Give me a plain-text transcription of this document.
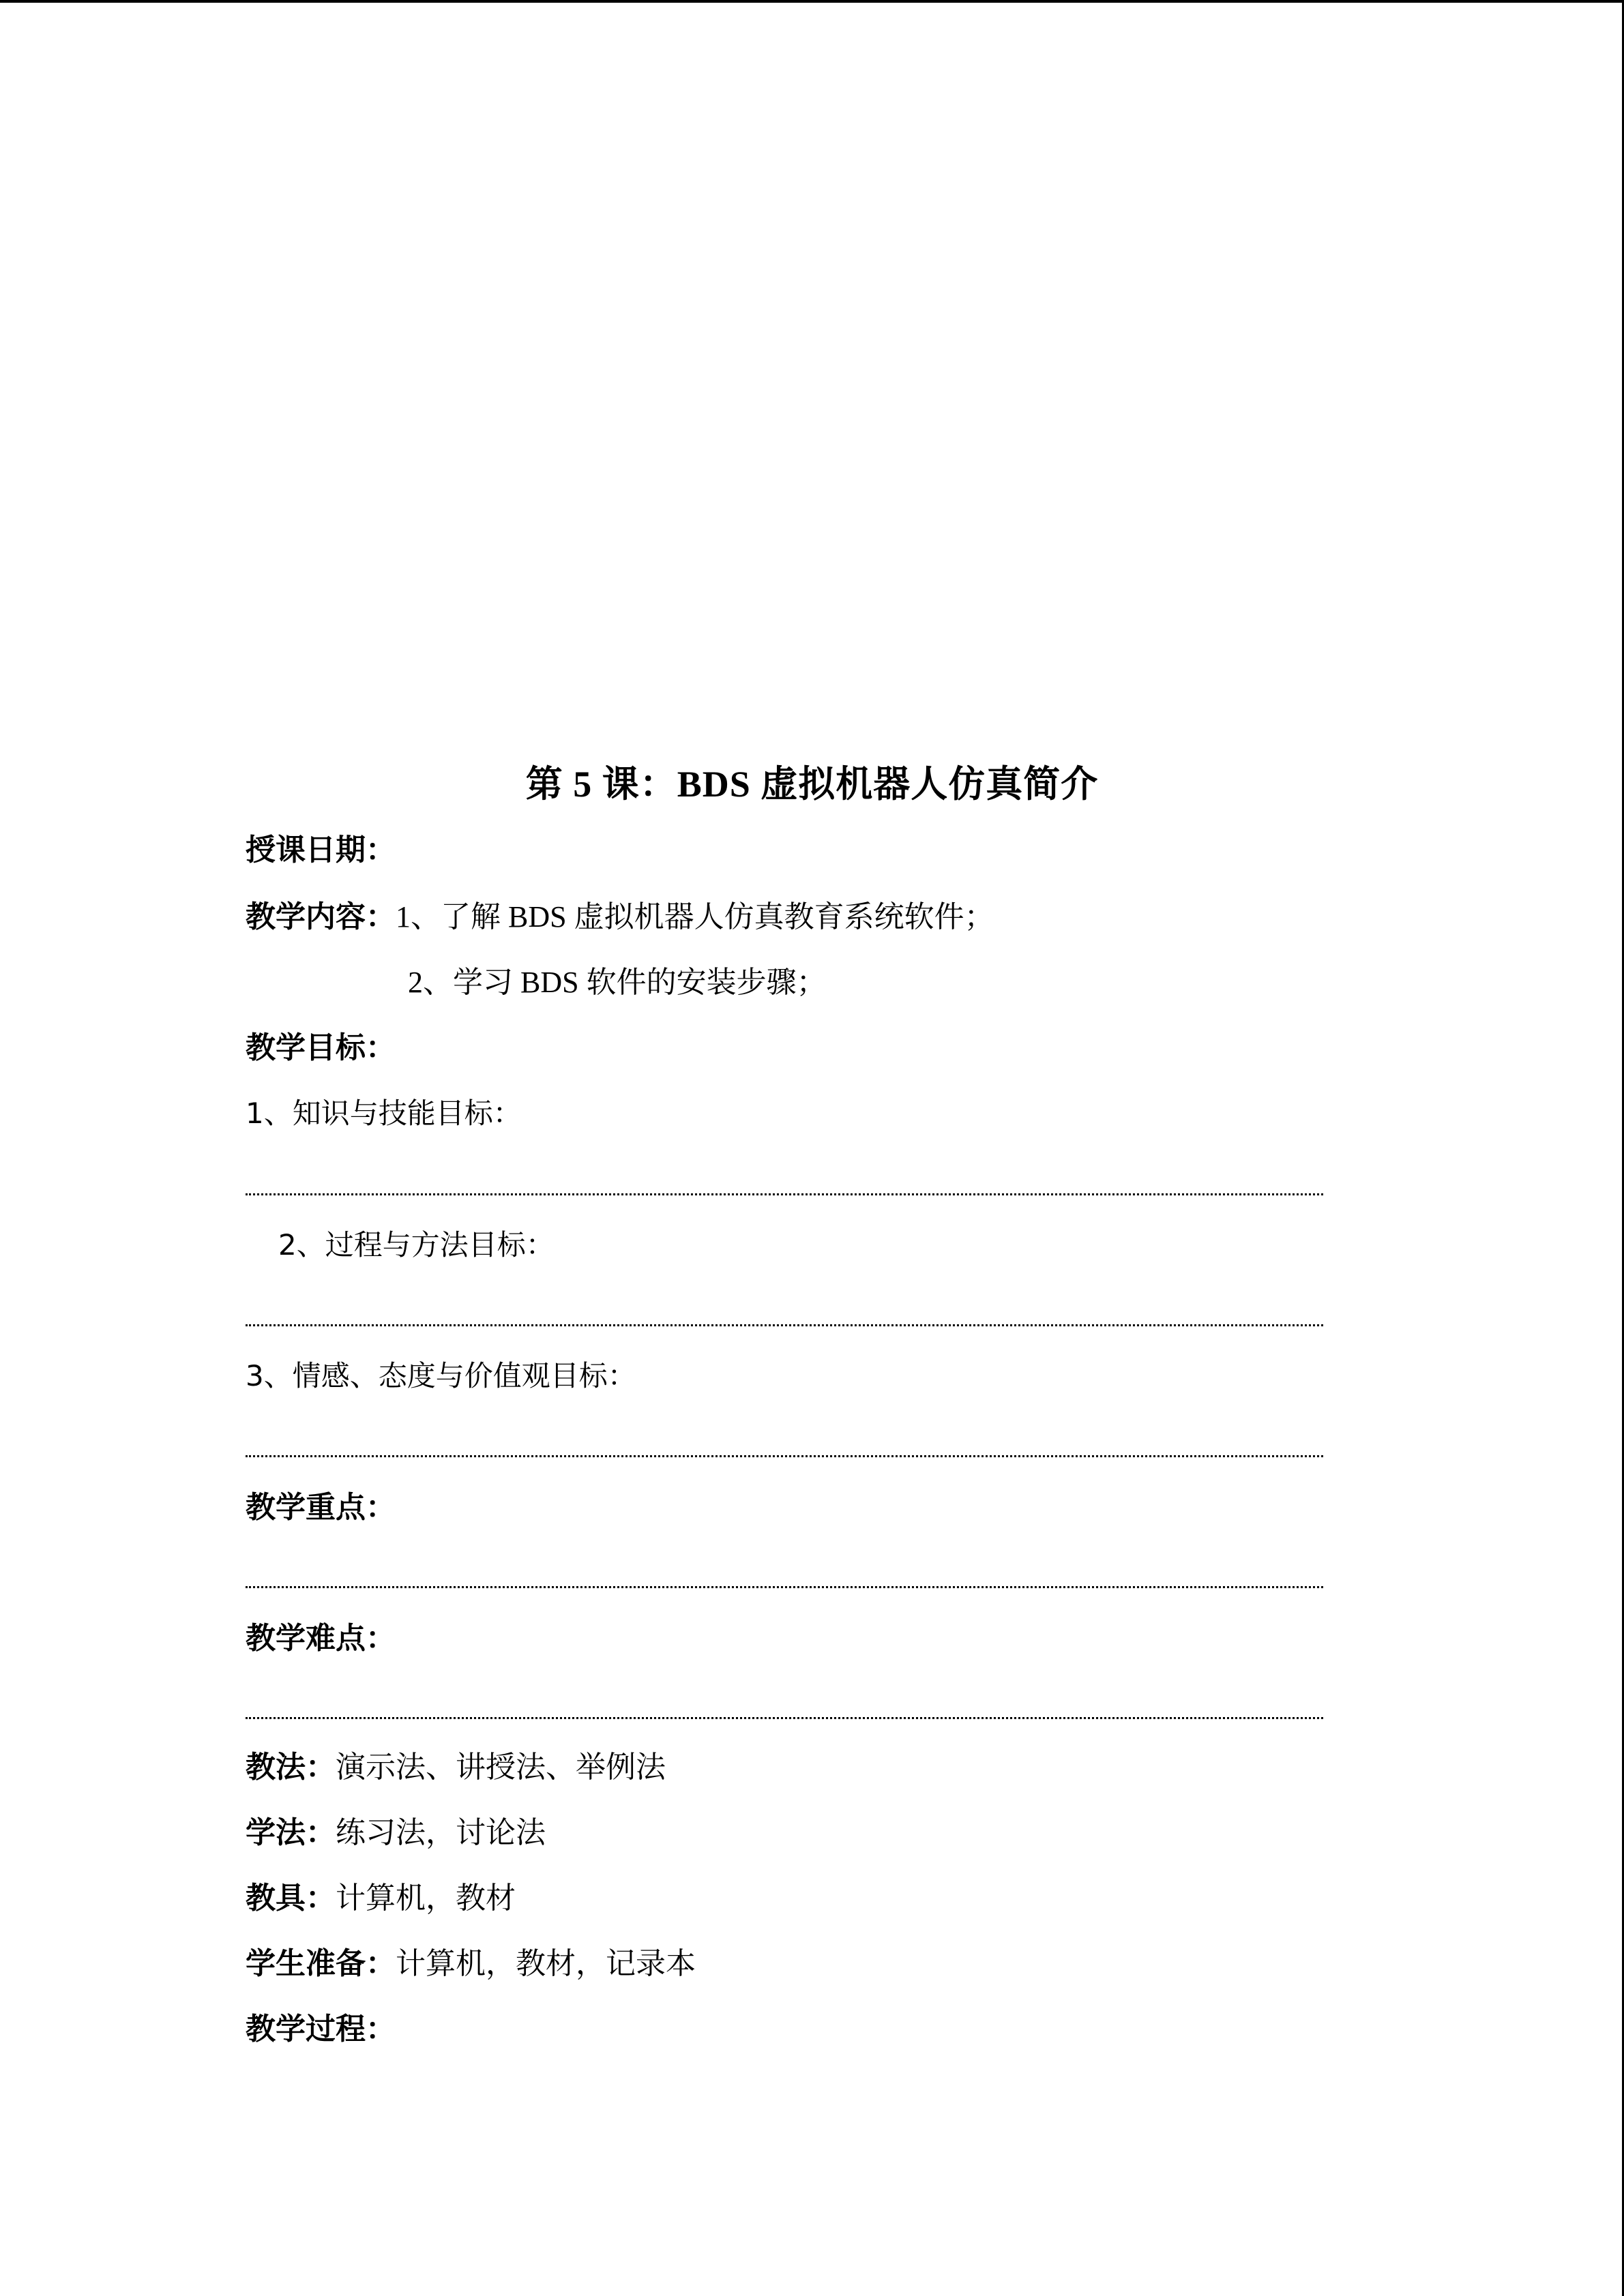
第 5 课：BDS 虚拟机器人仿真简介
授课日期：
教学内容：1、了解 BDS 虚拟机器人仿真教育系统软件；
2、学习 BDS 软件的安装步骤；
教学目标：
1、知识与技能目标：
2、过程与方法目标：
3、情感、态度与价值观目标：
教学重点：
教学难点：
教法：演示法、讲授法、举例法
学法：练习法，讨论法
教具：计算机，教材
学生准备：计算机，教材，记录本
教学过程：
